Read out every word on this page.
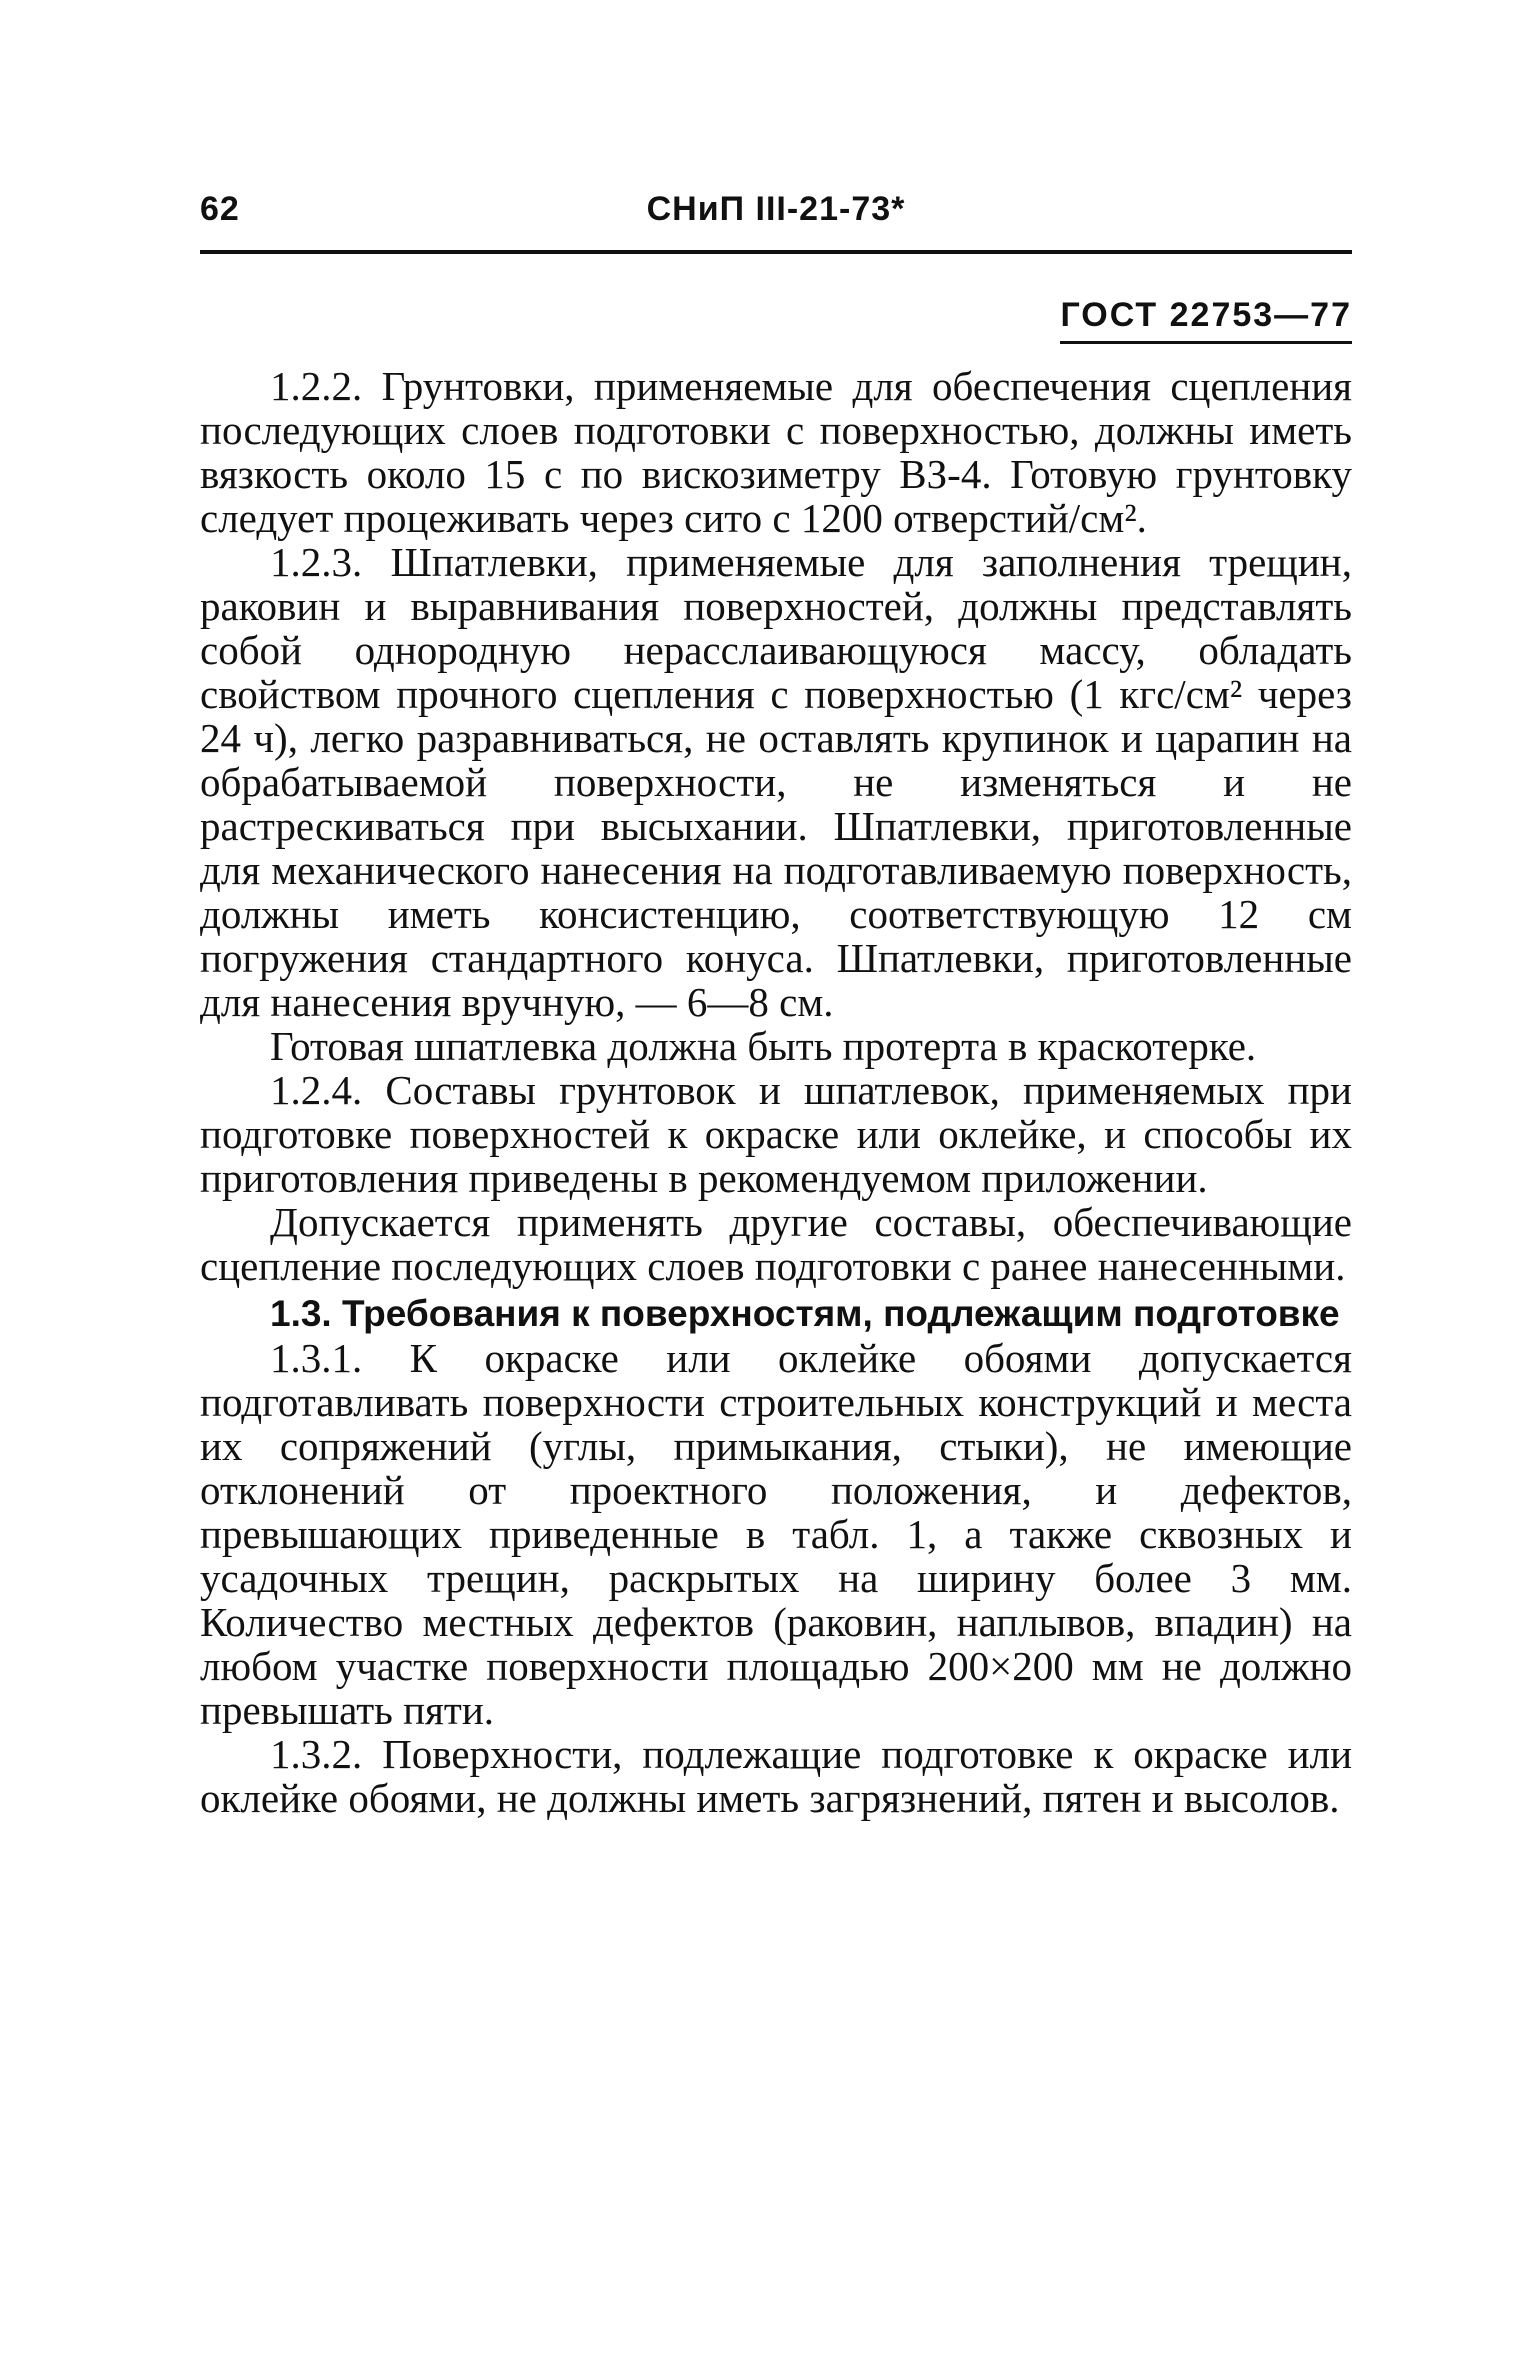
62	СНиП III-21-73*
ГОСТ 22753—77

1.2.2. Грунтовки, применяемые для обеспечения сцепления последующих слоев подготовки с поверхностью, должны иметь вязкость около 15 с по вискозиметру ВЗ-4. Готовую грунтовку следует процеживать через сито с 1200 отверстий/см².

1.2.3. Шпатлевки, применяемые для заполнения трещин, раковин и выравнивания поверхностей, должны представлять собой однородную нерасслаивающуюся массу, обладать свойством прочного сцепления с поверхностью (1 кгс/см² через 24 ч), легко разравниваться, не оставлять крупинок и царапин на обрабатываемой поверхности, не изменяться и не растрескиваться при высыхании. Шпатлевки, приготовленные для механического нанесения на подготавливаемую поверхность, должны иметь консистенцию, соответствующую 12 см погружения стандартного конуса. Шпатлевки, приготовленные для нанесения вручную, — 6—8 см.

Готовая шпатлевка должна быть протерта в краскотерке.

1.2.4. Составы грунтовок и шпатлевок, применяемых при подготовке поверхностей к окраске или оклейке, и способы их приготовления приведены в рекомендуемом приложении.

Допускается применять другие составы, обеспечивающие сцепление последующих слоев подготовки с ранее нанесенными.

1.3. Требования к поверхностям, подлежащим подготовке

1.3.1. К окраске или оклейке обоями допускается подготавливать поверхности строительных конструкций и места их сопряжений (углы, примыкания, стыки), не имеющие отклонений от проектного положения, и дефектов, превышающих приведенные в табл. 1, а также сквозных и усадочных трещин, раскрытых на ширину более 3 мм. Количество местных дефектов (раковин, наплывов, впадин) на любом участке поверхности площадью 200×200 мм не должно превышать пяти.

1.3.2. Поверхности, подлежащие подготовке к окраске или оклейке обоями, не должны иметь загрязнений, пятен и высолов.
